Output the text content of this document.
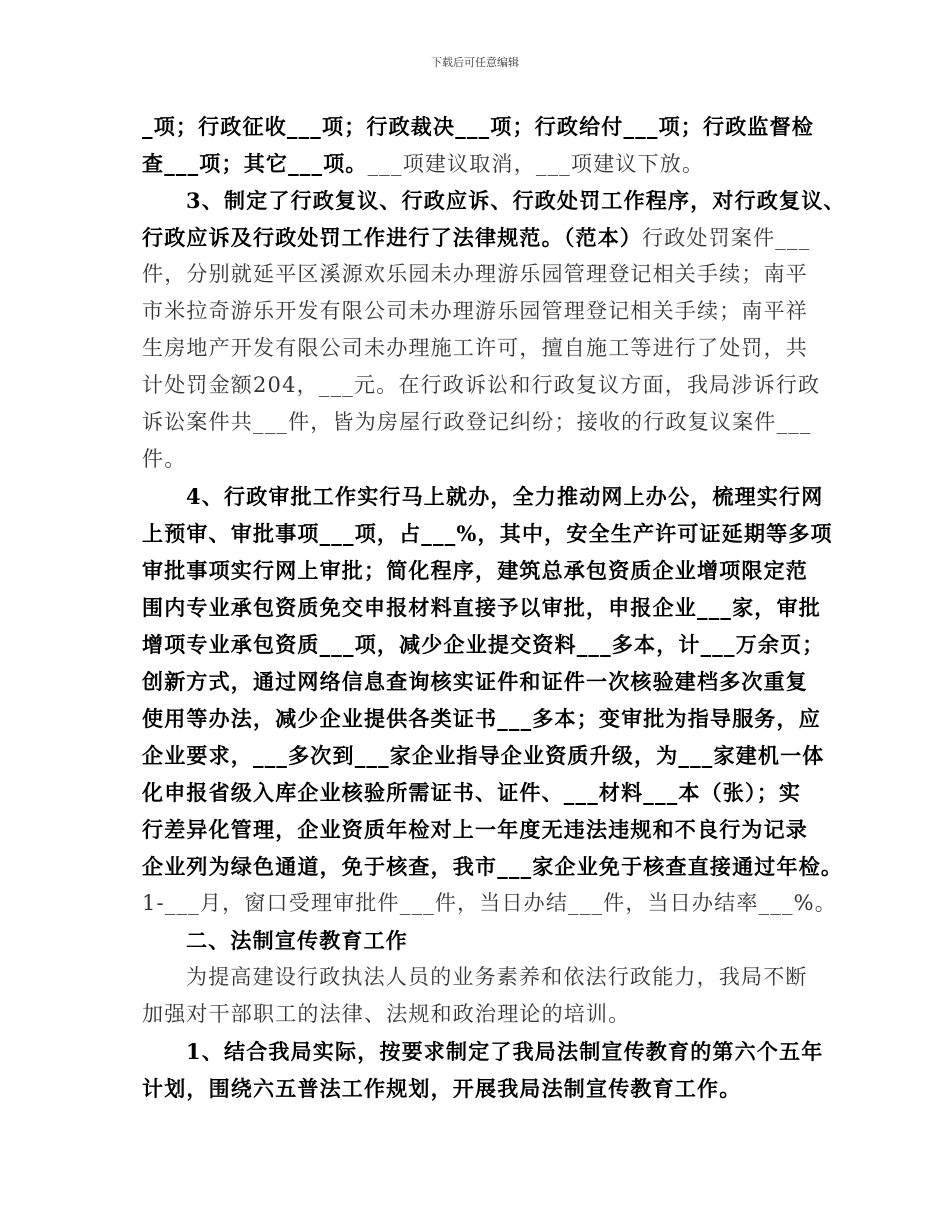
下载后可任意编辑
_项；行政征收___项；行政裁决___项；行政给付___项；行政监督检
查___项；其它___项。___项建议取消，___项建议下放。
3、制定了行政复议、行政应诉、行政处罚工作程序，对行政复议、
行政应诉及行政处罚工作进行了法律规范。（范本）行政处罚案件___
件，分别就延平区溪源欢乐园未办理游乐园管理登记相关手续；南平
市米拉奇游乐开发有限公司未办理游乐园管理登记相关手续；南平祥
生房地产开发有限公司未办理施工许可，擅自施工等进行了处罚，共
计处罚金额204，___元。在行政诉讼和行政复议方面，我局涉诉行政
诉讼案件共___件，皆为房屋行政登记纠纷；接收的行政复议案件___
件。
4、行政审批工作实行马上就办，全力推动网上办公，梳理实行网
上预审、审批事项___项，占___%，其中，安全生产许可证延期等多项
审批事项实行网上审批；简化程序，建筑总承包资质企业增项限定范
围内专业承包资质免交申报材料直接予以审批，申报企业___家，审批
增项专业承包资质___项，减少企业提交资料___多本，计___万余页；
创新方式，通过网络信息查询核实证件和证件一次核验建档多次重复
使用等办法，减少企业提供各类证书___多本；变审批为指导服务，应
企业要求，___多次到___家企业指导企业资质升级，为___家建机一体
化申报省级入库企业核验所需证书、证件、___材料___本（张）；实
行差异化管理，企业资质年检对上一年度无违法违规和不良行为记录
企业列为绿色通道，免于核查，我市___家企业免于核查直接通过年检。
1-___月，窗口受理审批件___件，当日办结___件，当日办结率___%。
二、法制宣传教育工作
为提高建设行政执法人员的业务素养和依法行政能力，我局不断
加强对干部职工的法律、法规和政治理论的培训。
1、结合我局实际，按要求制定了我局法制宣传教育的第六个五年
计划，围绕六五普法工作规划，开展我局法制宣传教育工作。
